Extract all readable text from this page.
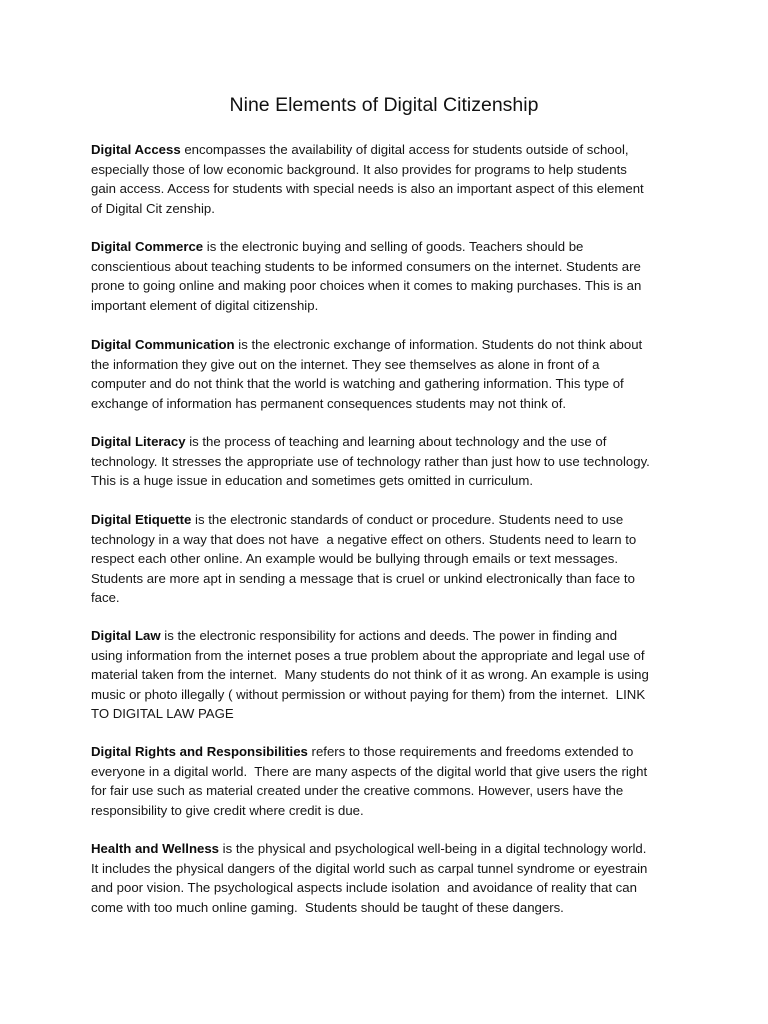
Nine Elements of Digital Citizenship

Digital Access encompasses the availability of digital access for students outside of school,
especially those of low economic background. It also provides for programs to help students
gain access. Access for students with special needs is also an important aspect of this element
of Digital Cit zenship.

Digital Commerce is the electronic buying and selling of goods. Teachers should be
conscientious about teaching students to be informed consumers on the internet. Students are
prone to going online and making poor choices when it comes to making purchases. This is an
important element of digital citizenship.

Digital Communication is the electronic exchange of information. Students do not think about
the information they give out on the internet. They see themselves as alone in front of a
computer and do not think that the world is watching and gathering information. This type of
exchange of information has permanent consequences students may not think of.

Digital Literacy is the process of teaching and learning about technology and the use of
technology. It stresses the appropriate use of technology rather than just how to use technology.
This is a huge issue in education and sometimes gets omitted in curriculum.

Digital Etiquette is the electronic standards of conduct or procedure. Students need to use
technology in a way that does not have  a negative effect on others. Students need to learn to
respect each other online. An example would be bullying through emails or text messages.
Students are more apt in sending a message that is cruel or unkind electronically than face to
face.

Digital Law is the electronic responsibility for actions and deeds. The power in finding and
using information from the internet poses a true problem about the appropriate and legal use of
material taken from the internet.  Many students do not think of it as wrong. An example is using
music or photo illegally ( without permission or without paying for them) from the internet.  LINK
TO DIGITAL LAW PAGE

Digital Rights and Responsibilities refers to those requirements and freedoms extended to
everyone in a digital world.  There are many aspects of the digital world that give users the right
for fair use such as material created under the creative commons. However, users have the
responsibility to give credit where credit is due.

Health and Wellness is the physical and psychological well-being in a digital technology world.
It includes the physical dangers of the digital world such as carpal tunnel syndrome or eyestrain
and poor vision. The psychological aspects include isolation  and avoidance of reality that can
come with too much online gaming.  Students should be taught of these dangers.
